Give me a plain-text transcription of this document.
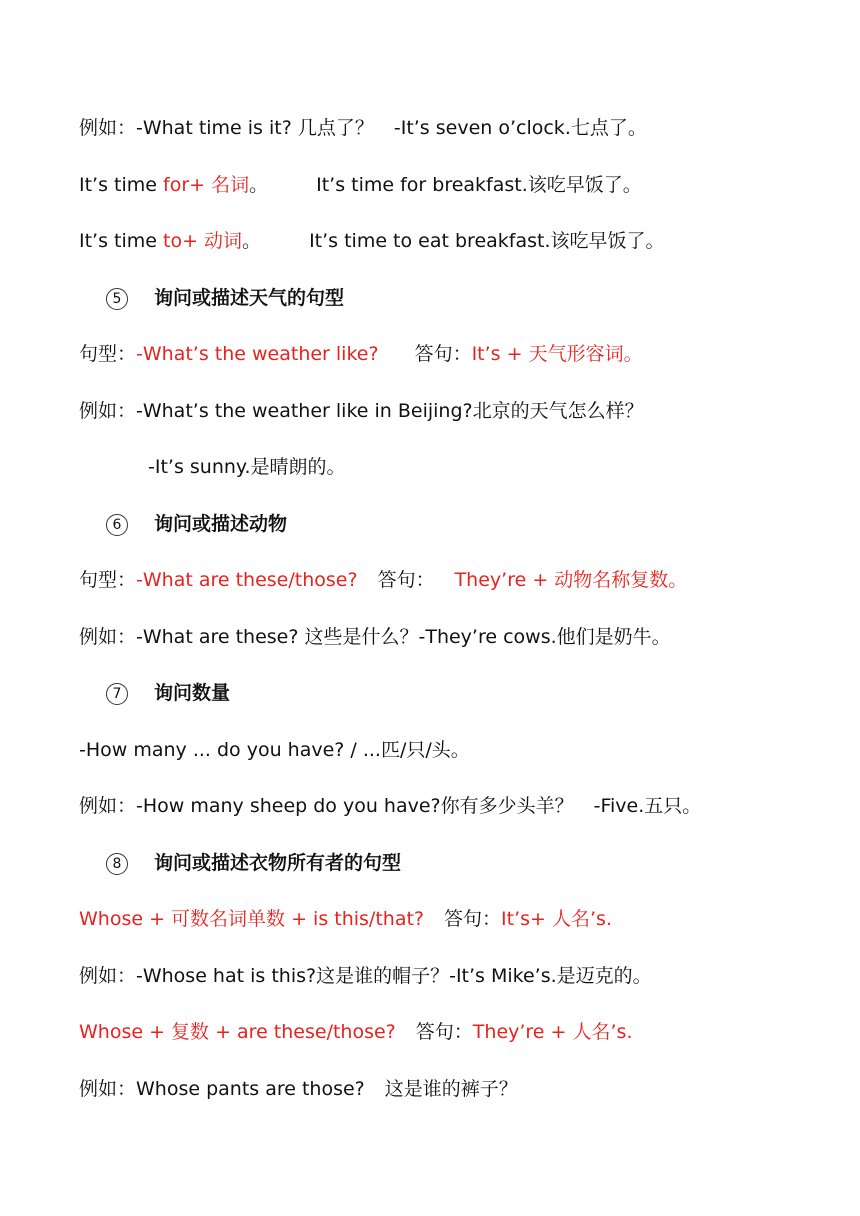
例如：-What time is it? 几点了？ -It’s seven o’clock.七点了。
It’s time for+ 名词。	It’s time for breakfast.该吃早饭了。
It’s time to+ 动词。	It’s time to eat breakfast.该吃早饭了。
5 询问或描述天气的句型
句型：-What’s the weather like? 答句：It’s + 天气形容词。
例如：-What’s the weather like in Beijing?北京的天气怎么样？
-It’s sunny.是晴朗的。
6 询问或描述动物
句型：-What are these/those? 答句： They’re + 动物名称复数。
例如：-What are these? 这些是什么？-They’re cows.他们是奶牛。
7 询问数量
-How many ... do you have? / ...匹/只/头。
例如：-How many sheep do you have?你有多少头羊？ -Five.五只。
8 询问或描述衣物所有者的句型
Whose + 可数名词单数 + is this/that? 答句：It’s+ 人名’s.
例如：-Whose hat is this?这是谁的帽子？-It’s Mike’s.是迈克的。
Whose + 复数 + are these/those? 答句：They’re + 人名’s.
例如：Whose pants are those? 这是谁的裤子？
